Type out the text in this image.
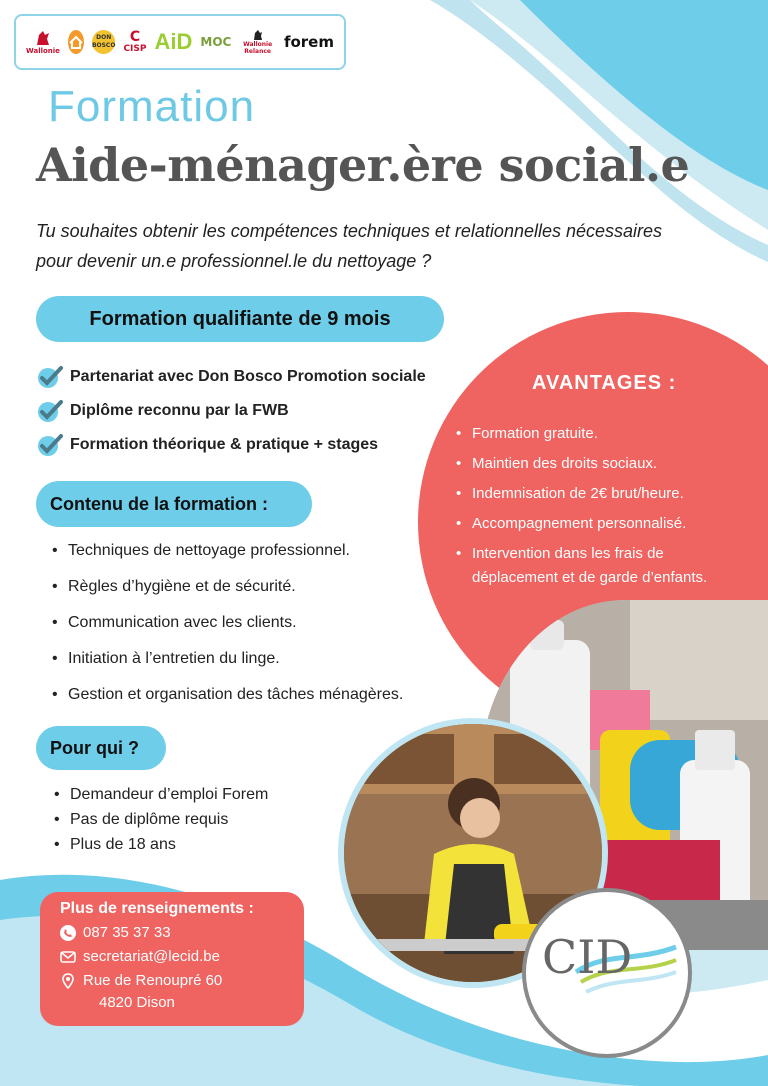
Wallonie
DON BOSCO
C
CISP AiD MOC	Wallonie Relance
forem
Formation
Aide-ménager.ère social.e
Tu souhaites obtenir les compétences techniques et relationnelles nécessaires pour devenir un.e professionnel.le du nettoyage ?
Formation qualifiante de 9 mois
Partenariat avec Don Bosco Promotion sociale
Diplôme reconnu par la FWB
Formation théorique & pratique + stages
AVANTAGES :
• Formation gratuite.
• Maintien des droits sociaux.
• Indemnisation de 2€ brut/heure.
• Accompagnement personnalisé.
• Intervention dans les frais de déplacement et de garde d’enfants.
Contenu de la formation :
• Techniques de nettoyage professionnel.
• Règles d’hygiène et de sécurité.
• Communication avec les clients.
• Initiation à l’entretien du linge.
• Gestion et organisation des tâches ménagères.
Pour qui ?
• Demandeur d’emploi Forem
• Pas de diplôme requis
• Plus de 18 ans
Plus de renseignements :
087 35 37 33
secretariat@lecid.be
Rue de Renoupré 60
4820 Dison
CID
